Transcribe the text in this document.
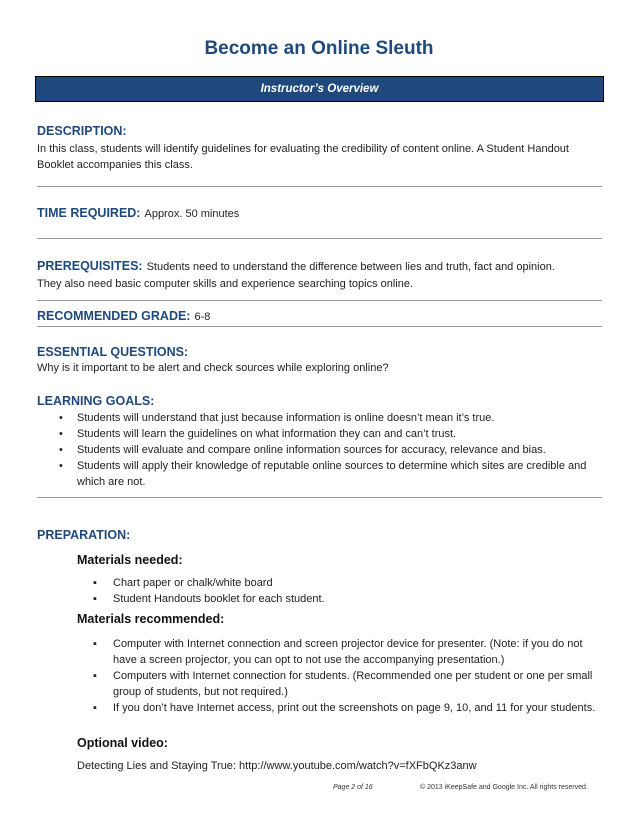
Become an Online Sleuth
Instructor’s Overview
DESCRIPTION:
In this class, students will identify guidelines for evaluating the credibility of content online. A Student Handout Booklet accompanies this class.
TIME REQUIRED: Approx. 50 minutes
PREREQUISITES: Students need to understand the difference between lies and truth, fact and opinion.
They also need basic computer skills and experience searching topics online.
RECOMMENDED GRADE: 6-8
ESSENTIAL QUESTIONS:
Why is it important to be alert and check sources while exploring online?
LEARNING GOALS:
• Students will understand that just because information is online doesn’t mean it’s true.
• Students will learn the guidelines on what information they can and can’t trust.
• Students will evaluate and compare online information sources for accuracy, relevance and bias.
• Students will apply their knowledge of reputable online sources to determine which sites are credible and which are not.
PREPARATION:
Materials needed:
▪ Chart paper or chalk/white board
▪ Student Handouts booklet for each student.
Materials recommended:
▪ Computer with Internet connection and screen projector device for presenter. (Note: if you do not have a screen projector, you can opt to not use the accompanying presentation.)
▪ Computers with Internet connection for students. (Recommended one per student or one per small group of students, but not required.)
▪ If you don’t have Internet access, print out the screenshots on page 9, 10, and 11 for your students.
Optional video:
Detecting Lies and Staying True: http://www.youtube.com/watch?v=fXFbQKz3anw
Page 2 of 16	© 2013 iKeepSafe and Google Inc. All rights reserved.
